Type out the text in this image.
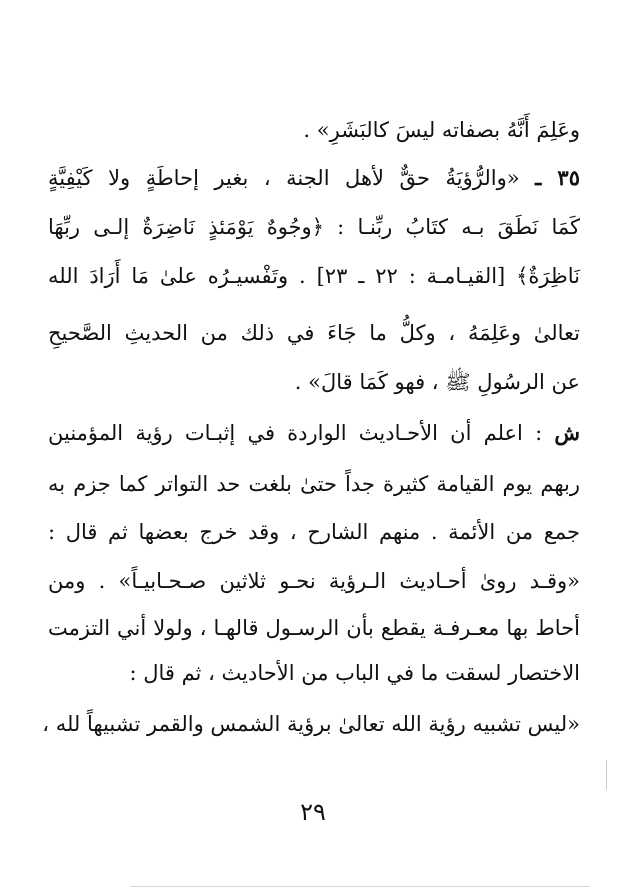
وعَلِمَ أَنَّهُ بصفاته ليسَ كالبَشَرِ» .
٣٥ ـ «والرُّؤيَةُ حقٌّ لأهل الجنة ، بغير إحاطَةٍ ولا كَيْفِيَّةٍ
كَمَا نَطَقَ بـه كتَابُ ربِّنـا : ﴿وجُوهٌ يَوْمَئذٍ نَاضِرَةٌ إلـى ربِّهَا
نَاظِرَةٌ﴾ [القيـامـة : ٢٢ ـ ٢٣] . وتَفْسيـرُه علىٰ مَا أَرَادَ الله
تعالىٰ وعَلِمَهُ ، وكلُّ ما جَاءَ في ذلك من الحديثِ الصَّحيحِ
عن الرسُولِ ﷺ ، فهو كَمَا قالَ» .
ش : اعلم أن الأحـاديث الواردة في إثبـات رؤية المؤمنين
ربهم يوم القيامة كثيرة جداً حتىٰ بلغت حد التواتر كما جزم به
جمع من الأئمة . منهم الشارح ، وقد خرج بعضها ثم قال :
«وقـد رویٰ أحـاديث الـرؤية نحـو ثلاثين صـحـابيـاً» . ومن
أحاط بها معـرفـة يقطع بأن الرسـول قالهـا ، ولولا أني التزمت
الاختصار لسقت ما في الباب من الأحاديث ، ثم قال :
«ليس تشبيه رؤية الله تعالىٰ برؤية الشمس والقمر تشبيهاً لله ،
٢٩
